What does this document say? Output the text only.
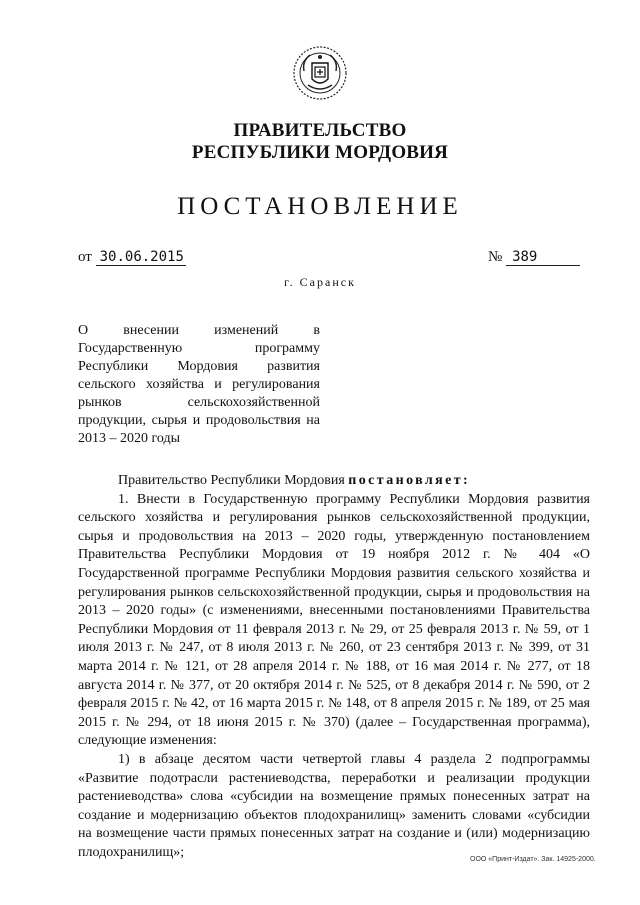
ПРАВИТЕЛЬСТВО
РЕСПУБЛИКИ МОРДОВИЯ
ПОСТАНОВЛЕНИЕ
от 30.06.2015	№ 389
г. Саранск
О внесении изменений в Государственную программу Республики Мордовия развития сельского хозяйства и регулирования рынков сельскохозяйственной продукции, сырья и продовольствия на 2013 – 2020 годы

Правительство Республики Мордовия постановляет:

1. Внести в Государственную программу Республики Мордовия развития сельского хозяйства и регулирования рынков сельскохозяйственной продукции, сырья и продовольствия на 2013 – 2020 годы, утвержденную постановлением Правительства Республики Мордовия от 19 ноября 2012 г. № 404 «О Государственной программе Республики Мордовия развития сельского хозяйства и регулирования рынков сельскохозяйственной продукции, сырья и продовольствия на 2013 – 2020 годы» (с изменениями, внесенными постановлениями Правительства Республики Мордовия от 11 февраля 2013 г. № 29, от 25 февраля 2013 г. № 59, от 1 июля 2013 г. № 247, от 8 июля 2013 г. № 260, от 23 сентября 2013 г. № 399, от 31 марта 2014 г. № 121, от 28 апреля 2014 г. № 188, от 16 мая 2014 г. № 277, от 18 августа 2014 г. № 377, от 20 октября 2014 г. № 525, от 8 декабря 2014 г. № 590, от 2 февраля 2015 г. № 42, от 16 марта 2015 г. № 148, от 8 апреля 2015 г. № 189, от 25 мая 2015 г. № 294, от 18 июня 2015 г. № 370) (далее – Государственная программа), следующие изменения:

1) в абзаце десятом части четвертой главы 4 раздела 2 подпрограммы «Развитие подотрасли растениеводства, переработки и реализации продукции растениеводства» слова «субсидии на возмещение прямых понесенных затрат на создание и модернизацию объектов плодохранилищ» заменить словами «субсидии на возмещение части прямых понесенных затрат на создание и (или) модернизацию плодохранилищ»;	ООО «Принт-Издат». Зак. 14925-2000.
